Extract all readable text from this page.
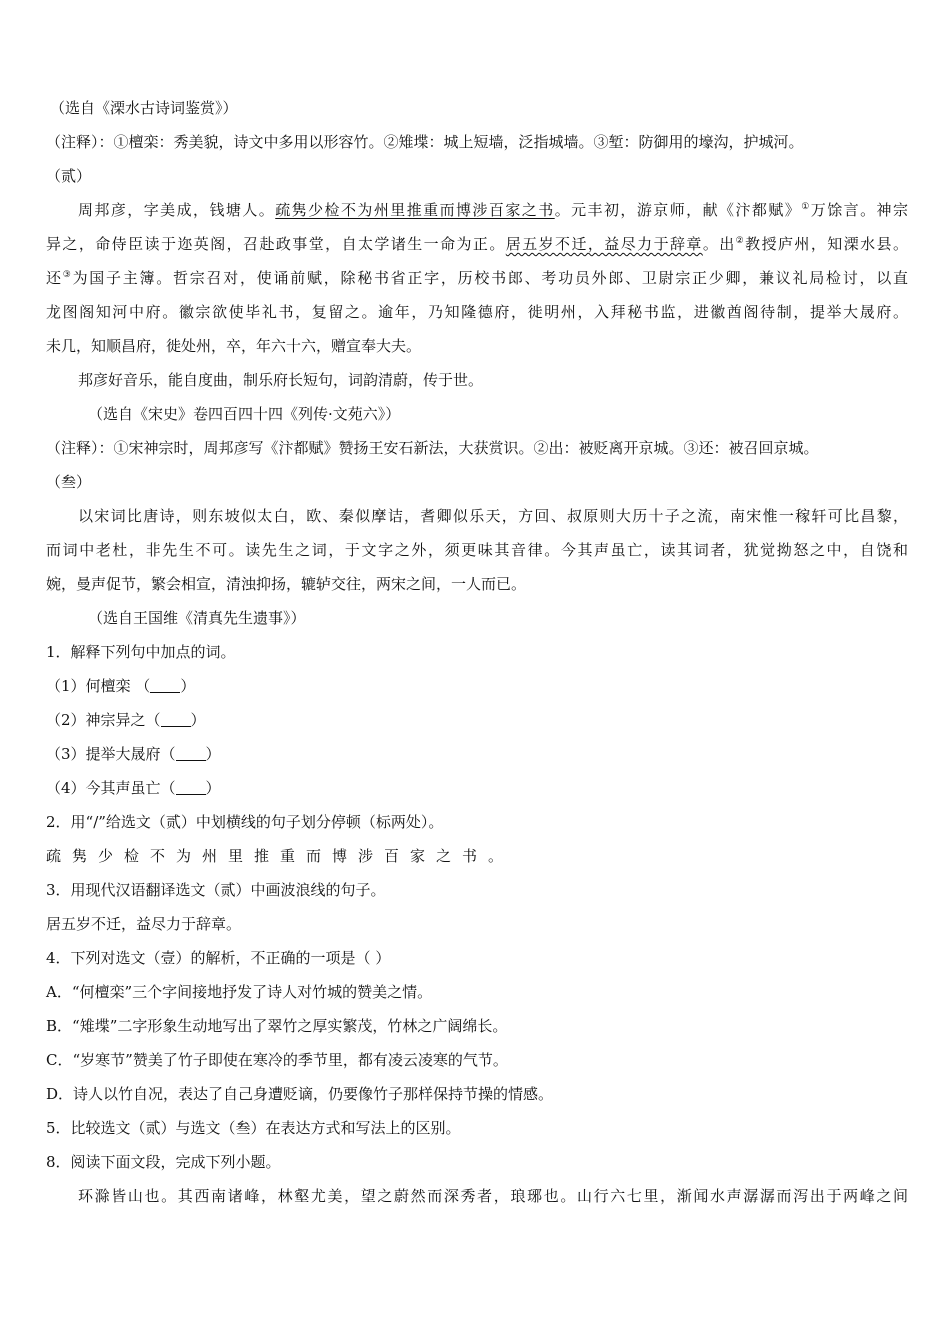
（选自《溧水古诗词鉴赏》）

（注释）：①檀栾：秀美貌，诗文中多用以形容竹。②雉堞：城上短墙，泛指城墙。③堑：防御用的壕沟，护城河。

（贰）

周邦彦，字美成，钱塘人。疏隽少检不为州里推重而博涉百家之书。元丰初，游京师，献《汴都赋》①万馀言。神宗

异之，命侍臣读于迩英阁，召赴政事堂，自太学诸生一命为正。居五岁不迁，益尽力于辞章。出②教授庐州，知溧水县。

还③为国子主簿。哲宗召对，使诵前赋，除秘书省正字，历校书郎、考功员外郎、卫尉宗正少卿，兼议礼局检讨，以直

龙图阁知河中府。徽宗欲使毕礼书，复留之。逾年，乃知隆德府，徙明州，入拜秘书监，进徽酋阁待制，提举大晟府。

未几，知顺昌府，徙处州，卒，年六十六，赠宣奉大夫。

邦彦好音乐，能自度曲，制乐府长短句，词韵清蔚，传于世。

（选自《宋史》卷四百四十四《列传·文苑六》）

（注释）：①宋神宗时，周邦彦写《汴都赋》赞扬王安石新法，大获赏识。②出：被贬离开京城。③还：被召回京城。

（叁）

以宋词比唐诗，则东坡似太白，欧、秦似摩诘，耆卿似乐天，方回、叔原则大历十子之流，南宋惟一稼轩可比昌黎，

而词中老杜，非先生不可。读先生之词，于文字之外，须更味其音律。今其声虽亡，读其词者，犹觉拗怒之中，自饶和

婉，曼声促节，繁会相宣，清浊抑扬，辘轳交往，两宋之间，一人而已。

（选自王国维《清真先生遗事》）

1．解释下列句中加点的词。

（1）何檀栾 （ ）

（2）神宗异之（ ）

（3）提举大晟府（ ）

（4）今其声虽亡（ ）

2．用“/”给选文（贰）中划横线的句子划分停顿（标两处）。

疏隽少检不为州里推重而博涉百家之书。

3．用现代汉语翻译选文（贰）中画波浪线的句子。

居五岁不迁，益尽力于辞章。

4．下列对选文（壹）的解析，不正确的一项是（ ）

A．“何檀栾”三个字间接地抒发了诗人对竹城的赞美之情。

B．“雉堞”二字形象生动地写出了翠竹之厚实繁茂，竹林之广阔绵长。

C．“岁寒节”赞美了竹子即使在寒冷的季节里，都有凌云凌寒的气节。

D．诗人以竹自况，表达了自己身遭贬谪，仍要像竹子那样保持节操的情感。

5．比较选文（贰）与选文（叁）在表达方式和写法上的区别。

8．阅读下面文段，完成下列小题。

环滁皆山也。其西南诸峰，林壑尤美，望之蔚然而深秀者，琅琊也。山行六七里，渐闻水声潺潺而泻出于两峰之间
